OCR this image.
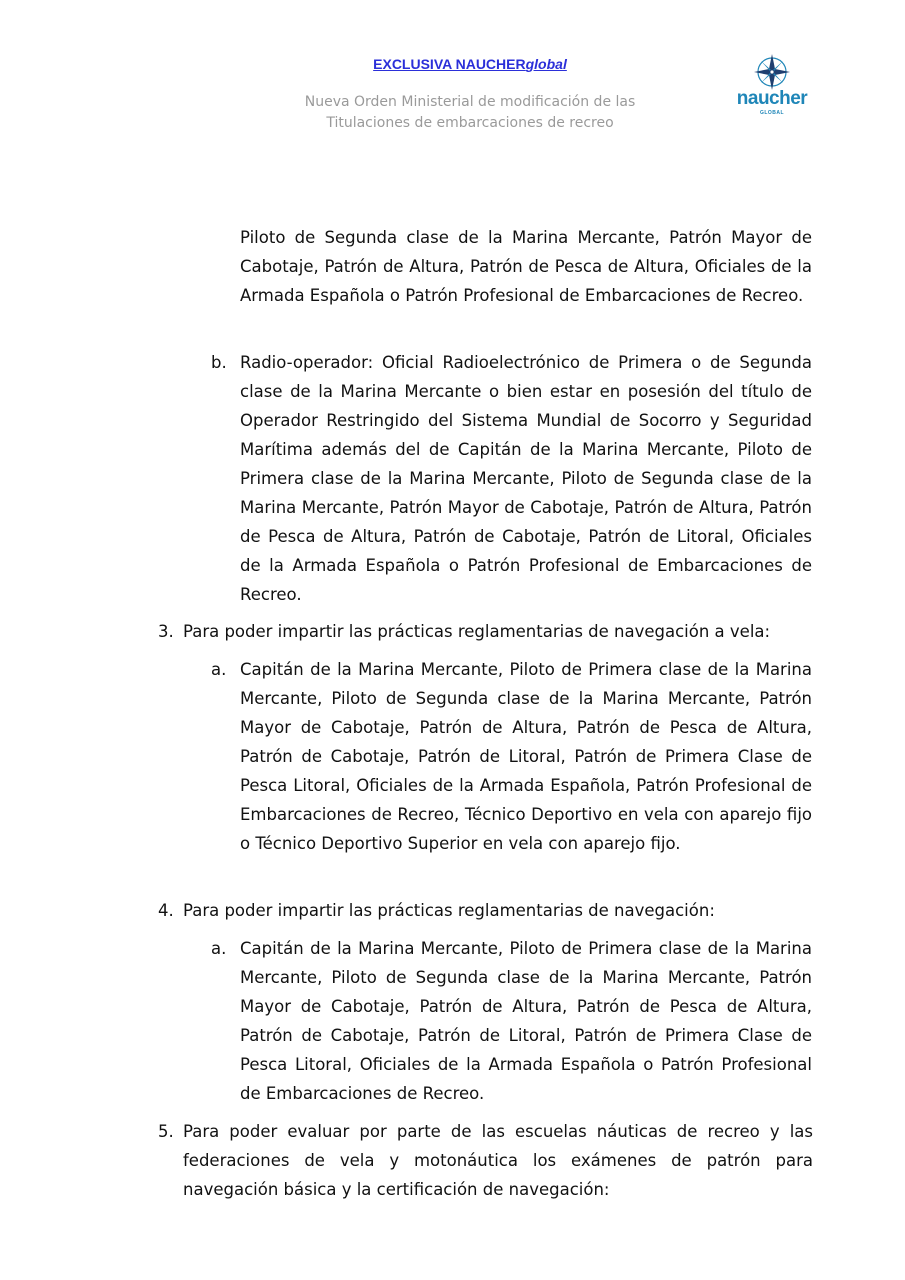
EXCLUSIVA NAUCHERglobal
Nueva Orden Ministerial de modificación de las
Titulaciones de embarcaciones de recreo
naucher
GLOBAL
Piloto de Segunda clase de la Marina Mercante, Patrón Mayor de Cabotaje, Patrón de Altura, Patrón de Pesca de Altura, Oficiales de la Armada Española o Patrón Profesional de Embarcaciones de Recreo.
b. Radio-operador: Oficial Radioelectrónico de Primera o de Segunda clase de la Marina Mercante o bien estar en posesión del título de Operador Restringido del Sistema Mundial de Socorro y Seguridad Marítima además del de Capitán de la Marina Mercante, Piloto de Primera clase de la Marina Mercante, Piloto de Segunda clase de la Marina Mercante, Patrón Mayor de Cabotaje, Patrón de Altura, Patrón de Pesca de Altura, Patrón de Cabotaje, Patrón de Litoral, Oficiales de la Armada Española o Patrón Profesional de Embarcaciones de Recreo.
3. Para poder impartir las prácticas reglamentarias de navegación a vela:
a. Capitán de la Marina Mercante, Piloto de Primera clase de la Marina Mercante, Piloto de Segunda clase de la Marina Mercante, Patrón Mayor de Cabotaje, Patrón de Altura, Patrón de Pesca de Altura, Patrón de Cabotaje, Patrón de Litoral, Patrón de Primera Clase de Pesca Litoral, Oficiales de la Armada Española, Patrón Profesional de Embarcaciones de Recreo, Técnico Deportivo en vela con aparejo fijo o Técnico Deportivo Superior en vela con aparejo fijo.
4. Para poder impartir las prácticas reglamentarias de navegación:
a. Capitán de la Marina Mercante, Piloto de Primera clase de la Marina Mercante, Piloto de Segunda clase de la Marina Mercante, Patrón Mayor de Cabotaje, Patrón de Altura, Patrón de Pesca de Altura, Patrón de Cabotaje, Patrón de Litoral, Patrón de Primera Clase de Pesca Litoral, Oficiales de la Armada Española o Patrón Profesional de Embarcaciones de Recreo.
5. Para poder evaluar por parte de las escuelas náuticas de recreo y las federaciones de vela y motonáutica los exámenes de patrón para navegación básica y la certificación de navegación:
